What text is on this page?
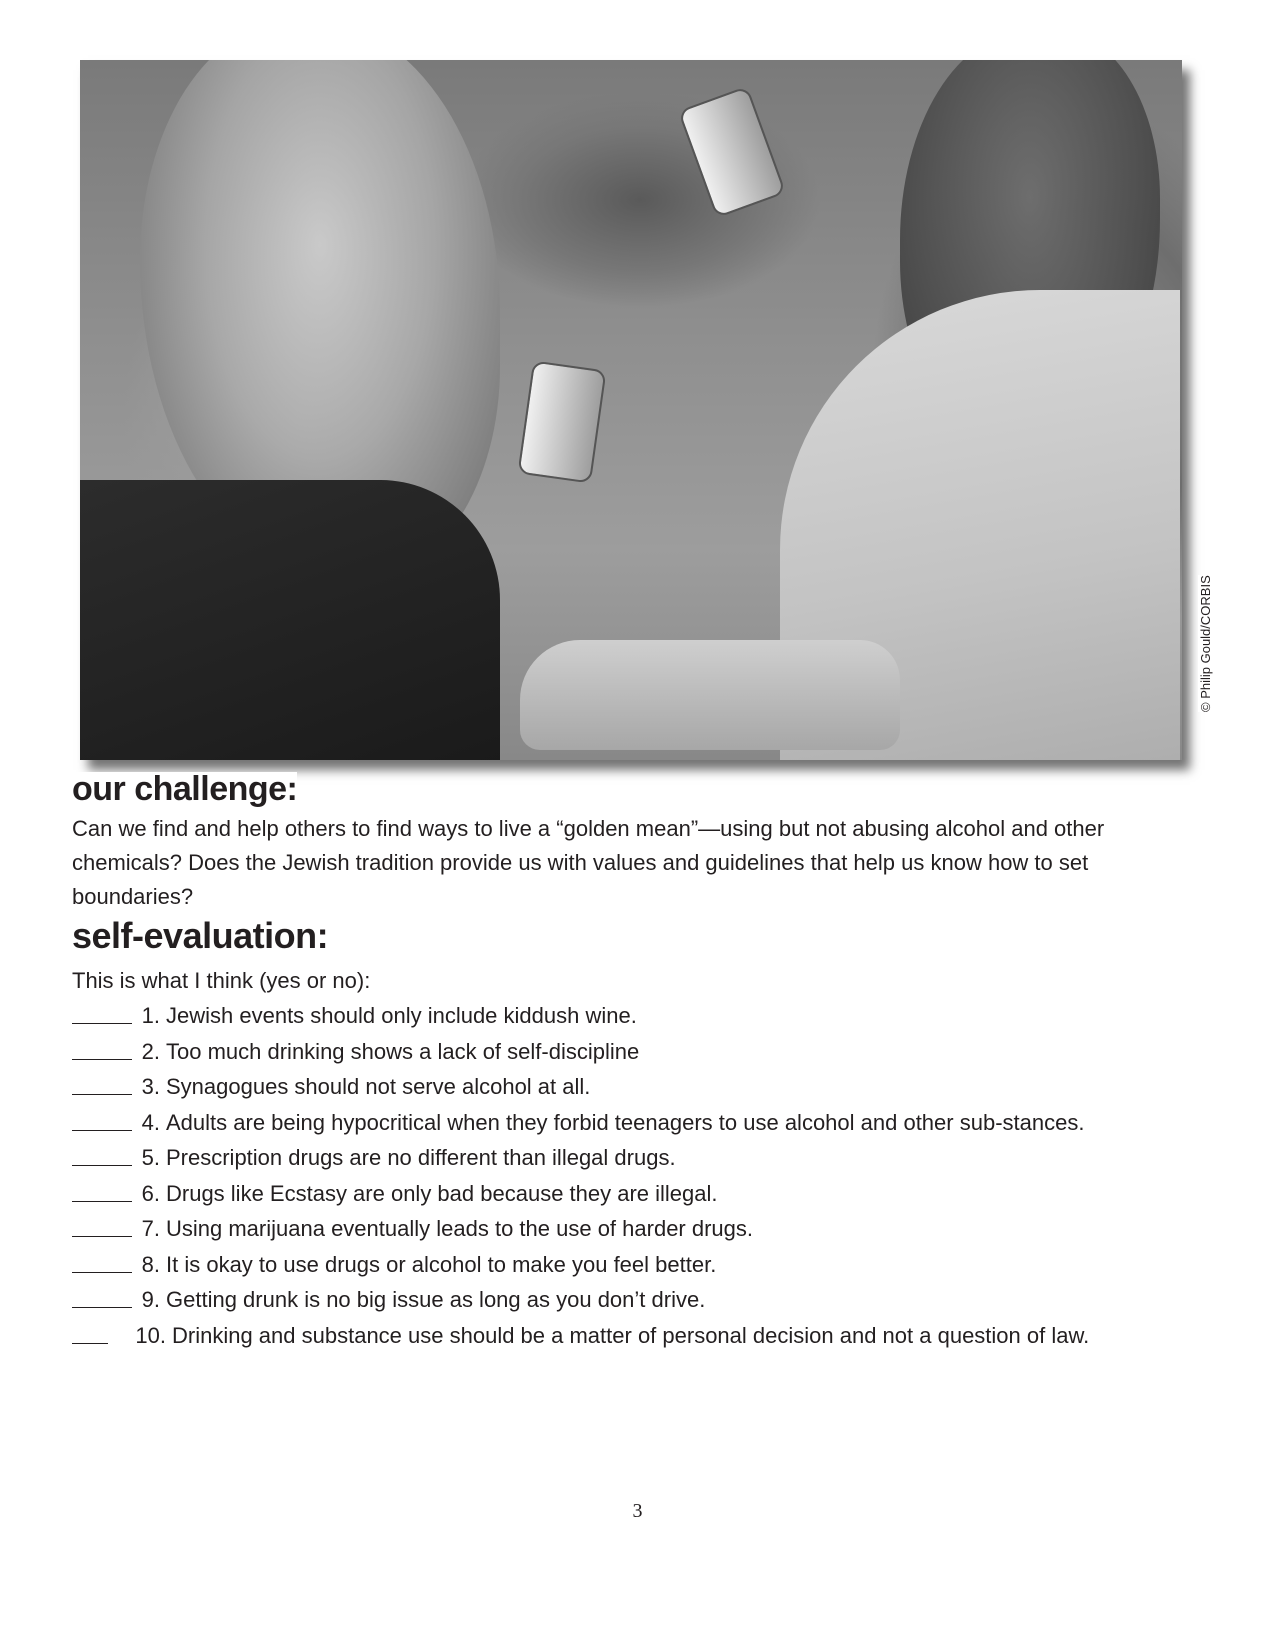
© Philip Gould/CORBIS
our challenge:

Can we find and help others to find ways to live a “golden mean”—using but not abusing alcohol and other chemicals? Does the Jewish tradition provide us with values and guidelines that help us know how to set boundaries?

self-evaluation:

This is what I think (yes or no):

1. Jewish events should only include kiddush wine.
2. Too much drinking shows a lack of self-discipline
3. Synagogues should not serve alcohol at all.
4. Adults are being hypocritical when they forbid teenagers to use alcohol and other sub-stances.
5. Prescription drugs are no different than illegal drugs.
6. Drugs like Ecstasy are only bad because they are illegal.
7. Using marijuana eventually leads to the use of harder drugs.
8. It is okay to use drugs or alcohol to make you feel better.
9. Getting drunk is no big issue as long as you don’t drive.
10. Drinking and substance use should be a matter of personal decision and not a question of law.
3
